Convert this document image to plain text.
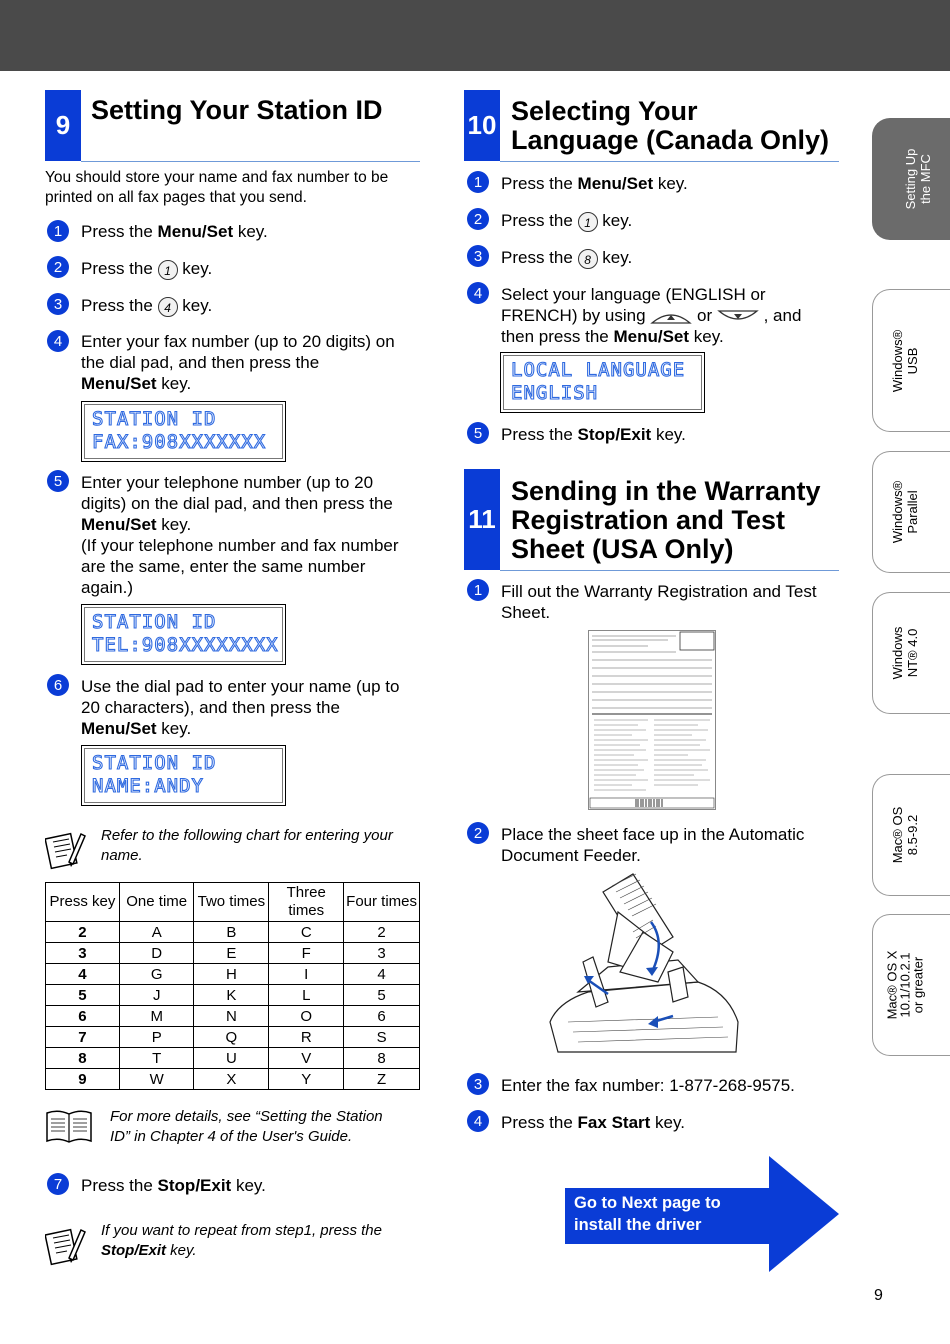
9 Setting Your Station ID
You should store your name and fax number to be printed on all fax pages that you send.
1	Press the Menu/Set key.
2	Press the 1 key.
3	Press the 4 key.
4	Enter your fax number (up to 20 digits) on
the dial pad, and then press the
Menu/Set key.
STATION ID
FAX:908XXXXXXX
5	Enter your telephone number (up to 20
digits) on the dial pad, and then press the
Menu/Set key.
(If your telephone number and fax number
are the same, enter the same number
again.)
STATION ID
TEL:908XXXXXXXX
6	Use the dial pad to enter your name (up to
20 characters), and then press the
Menu/Set key.
STATION ID
NAME:ANDY
Refer to the following chart for entering your
name.
Press key	One time	Two times	Three times	Four times
2	A	B	C	2
3	D	E	F	3
4	G	H	I	4
5	J	K	L	5
6	M	N	O	6
7	P	Q	R	S
8	T	U	V	8
9	W	X	Y	Z
For more details, see “Setting the Station
ID” in Chapter 4 of the User's Guide.
7	Press the Stop/Exit key.
If you want to repeat from step1, press the
Stop/Exit key.
10 Selecting Your
Language (Canada Only)
1	Press the Menu/Set key.
2	Press the 1 key.
3	Press the 8 key.
4	Select your language (ENGLISH or
FRENCH) by using	or	, and
then press the Menu/Set key.
LOCAL LANGUAGE
ENGLISH
5	Press the Stop/Exit key.
11
Sending in the Warranty
Registration and Test
Sheet (USA Only)
1	Fill out the Warranty Registration and Test
Sheet.
2	Place the sheet face up in the Automatic
Document Feeder.
3	Enter the fax number: 1-877-268-9575.
4	Press the Fax Start key.
Go to Next page to
install the driver
Setting Up the MFC
Windows® USB
Windows® Parallel
Windows NT® 4.0
Mac® OS 8.5-9.2
Mac® OS X
10.1/10.2.1
or greater
9
